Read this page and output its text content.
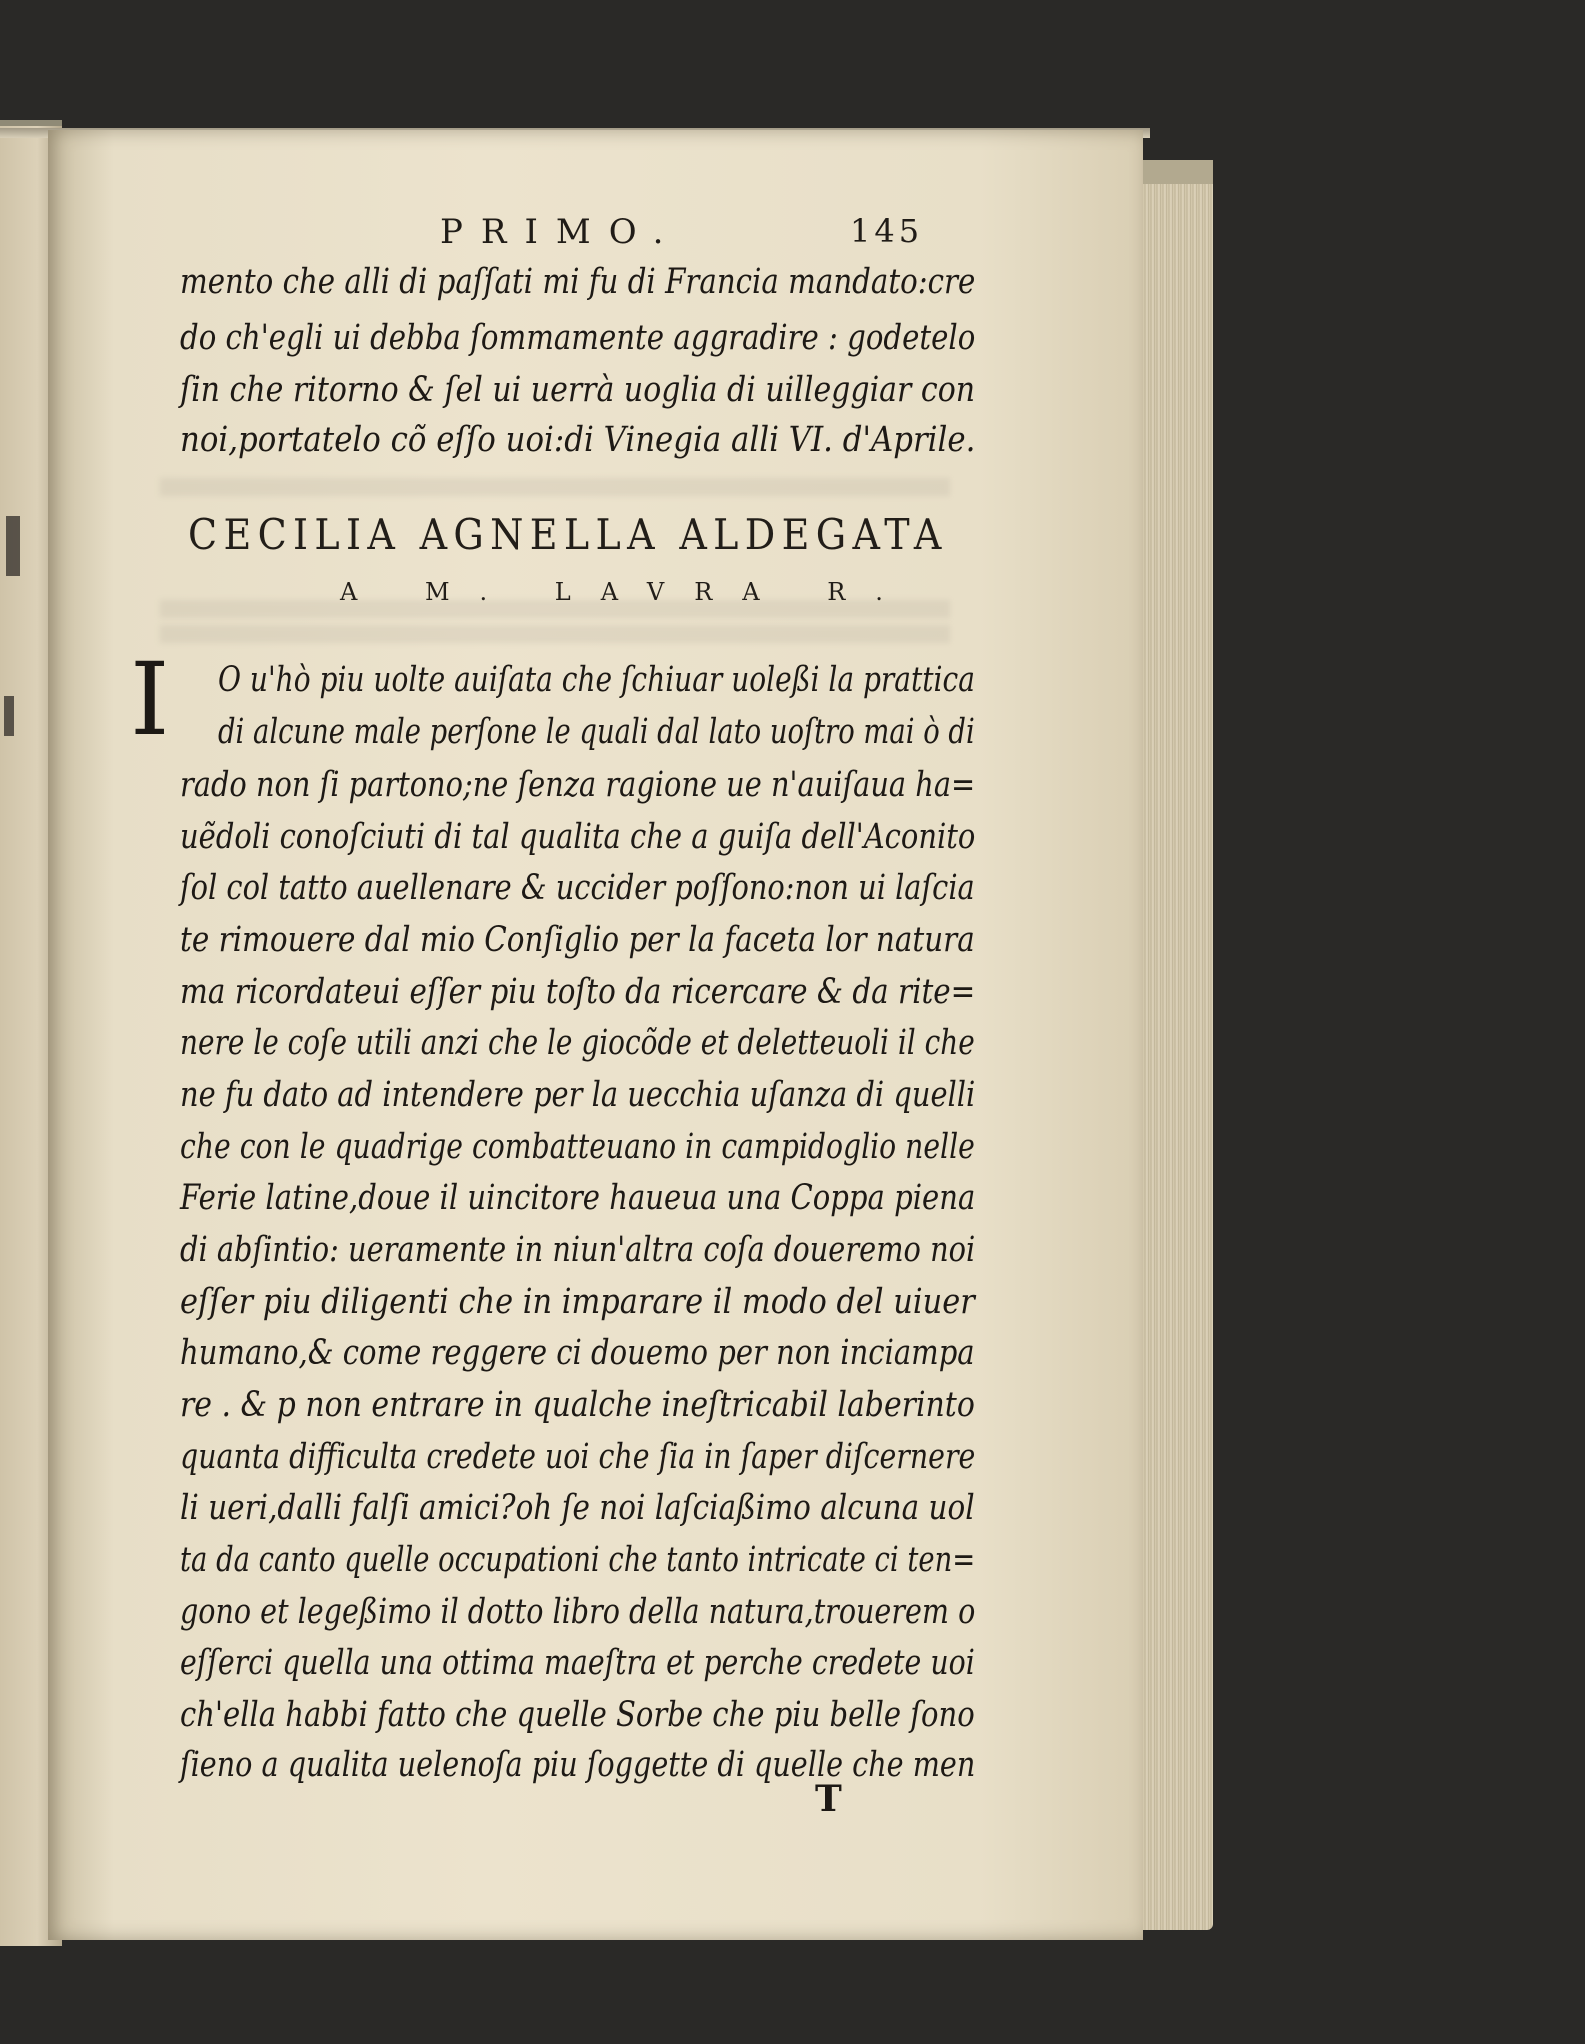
PRIMO.	145
mento che alli di paſſati mi fu di Francia mandato:cre
do ch'egli ui debba ſommamente aggradire : godetelo
ſin che ritorno & ſel ui uerrà uoglia di uilleggiar con
noi,portatelo cõ eſſo uoi:di Vinegia alli VI. d'Aprile.
CECILIA AGNELLA ALDEGATA
A M. LAVRA R.
I O u'hò piu uolte auiſata che ſchiuar uoleßi la prattica
di alcune male perſone le quali dal lato uoſtro mai ò di
rado non ſi partono;ne ſenza ragione ue n'auiſaua ha=
uẽdoli conoſciuti di tal qualita che a guiſa dell'Aconito
ſol col tatto auellenare & uccider poſſono:non ui laſcia
te rimouere dal mio Conſiglio per la faceta lor natura
ma ricordateui eſſer piu toſto da ricercare & da rite=
nere le coſe utili anzi che le giocõde et deletteuoli il che
ne fu dato ad intendere per la uecchia uſanza di quelli
che con le quadrige combatteuano in campidoglio nelle
Ferie latine,doue il uincitore haueua una Coppa piena
di abſintio: ueramente in niun'altra coſa doueremo noi
eſſer piu diligenti che in imparare il modo del uiuer
humano,& come reggere ci douemo per non inciampa
re . & p non entrare in qualche ineſtricabil laberinto
quanta difficulta credete uoi che ſia in ſaper diſcernere
li ueri,dalli falſi amici?oh ſe noi laſciaßimo alcuna uol
ta da canto quelle occupationi che tanto intricate ci ten=
gono et legeßimo il dotto libro della natura,trouerem o
eſſerci quella una ottima maeſtra et perche credete uoi
ch'ella habbi fatto che quelle Sorbe che piu belle ſono
ſieno a qualita uelenoſa piu ſoggette di quelle che men
T
